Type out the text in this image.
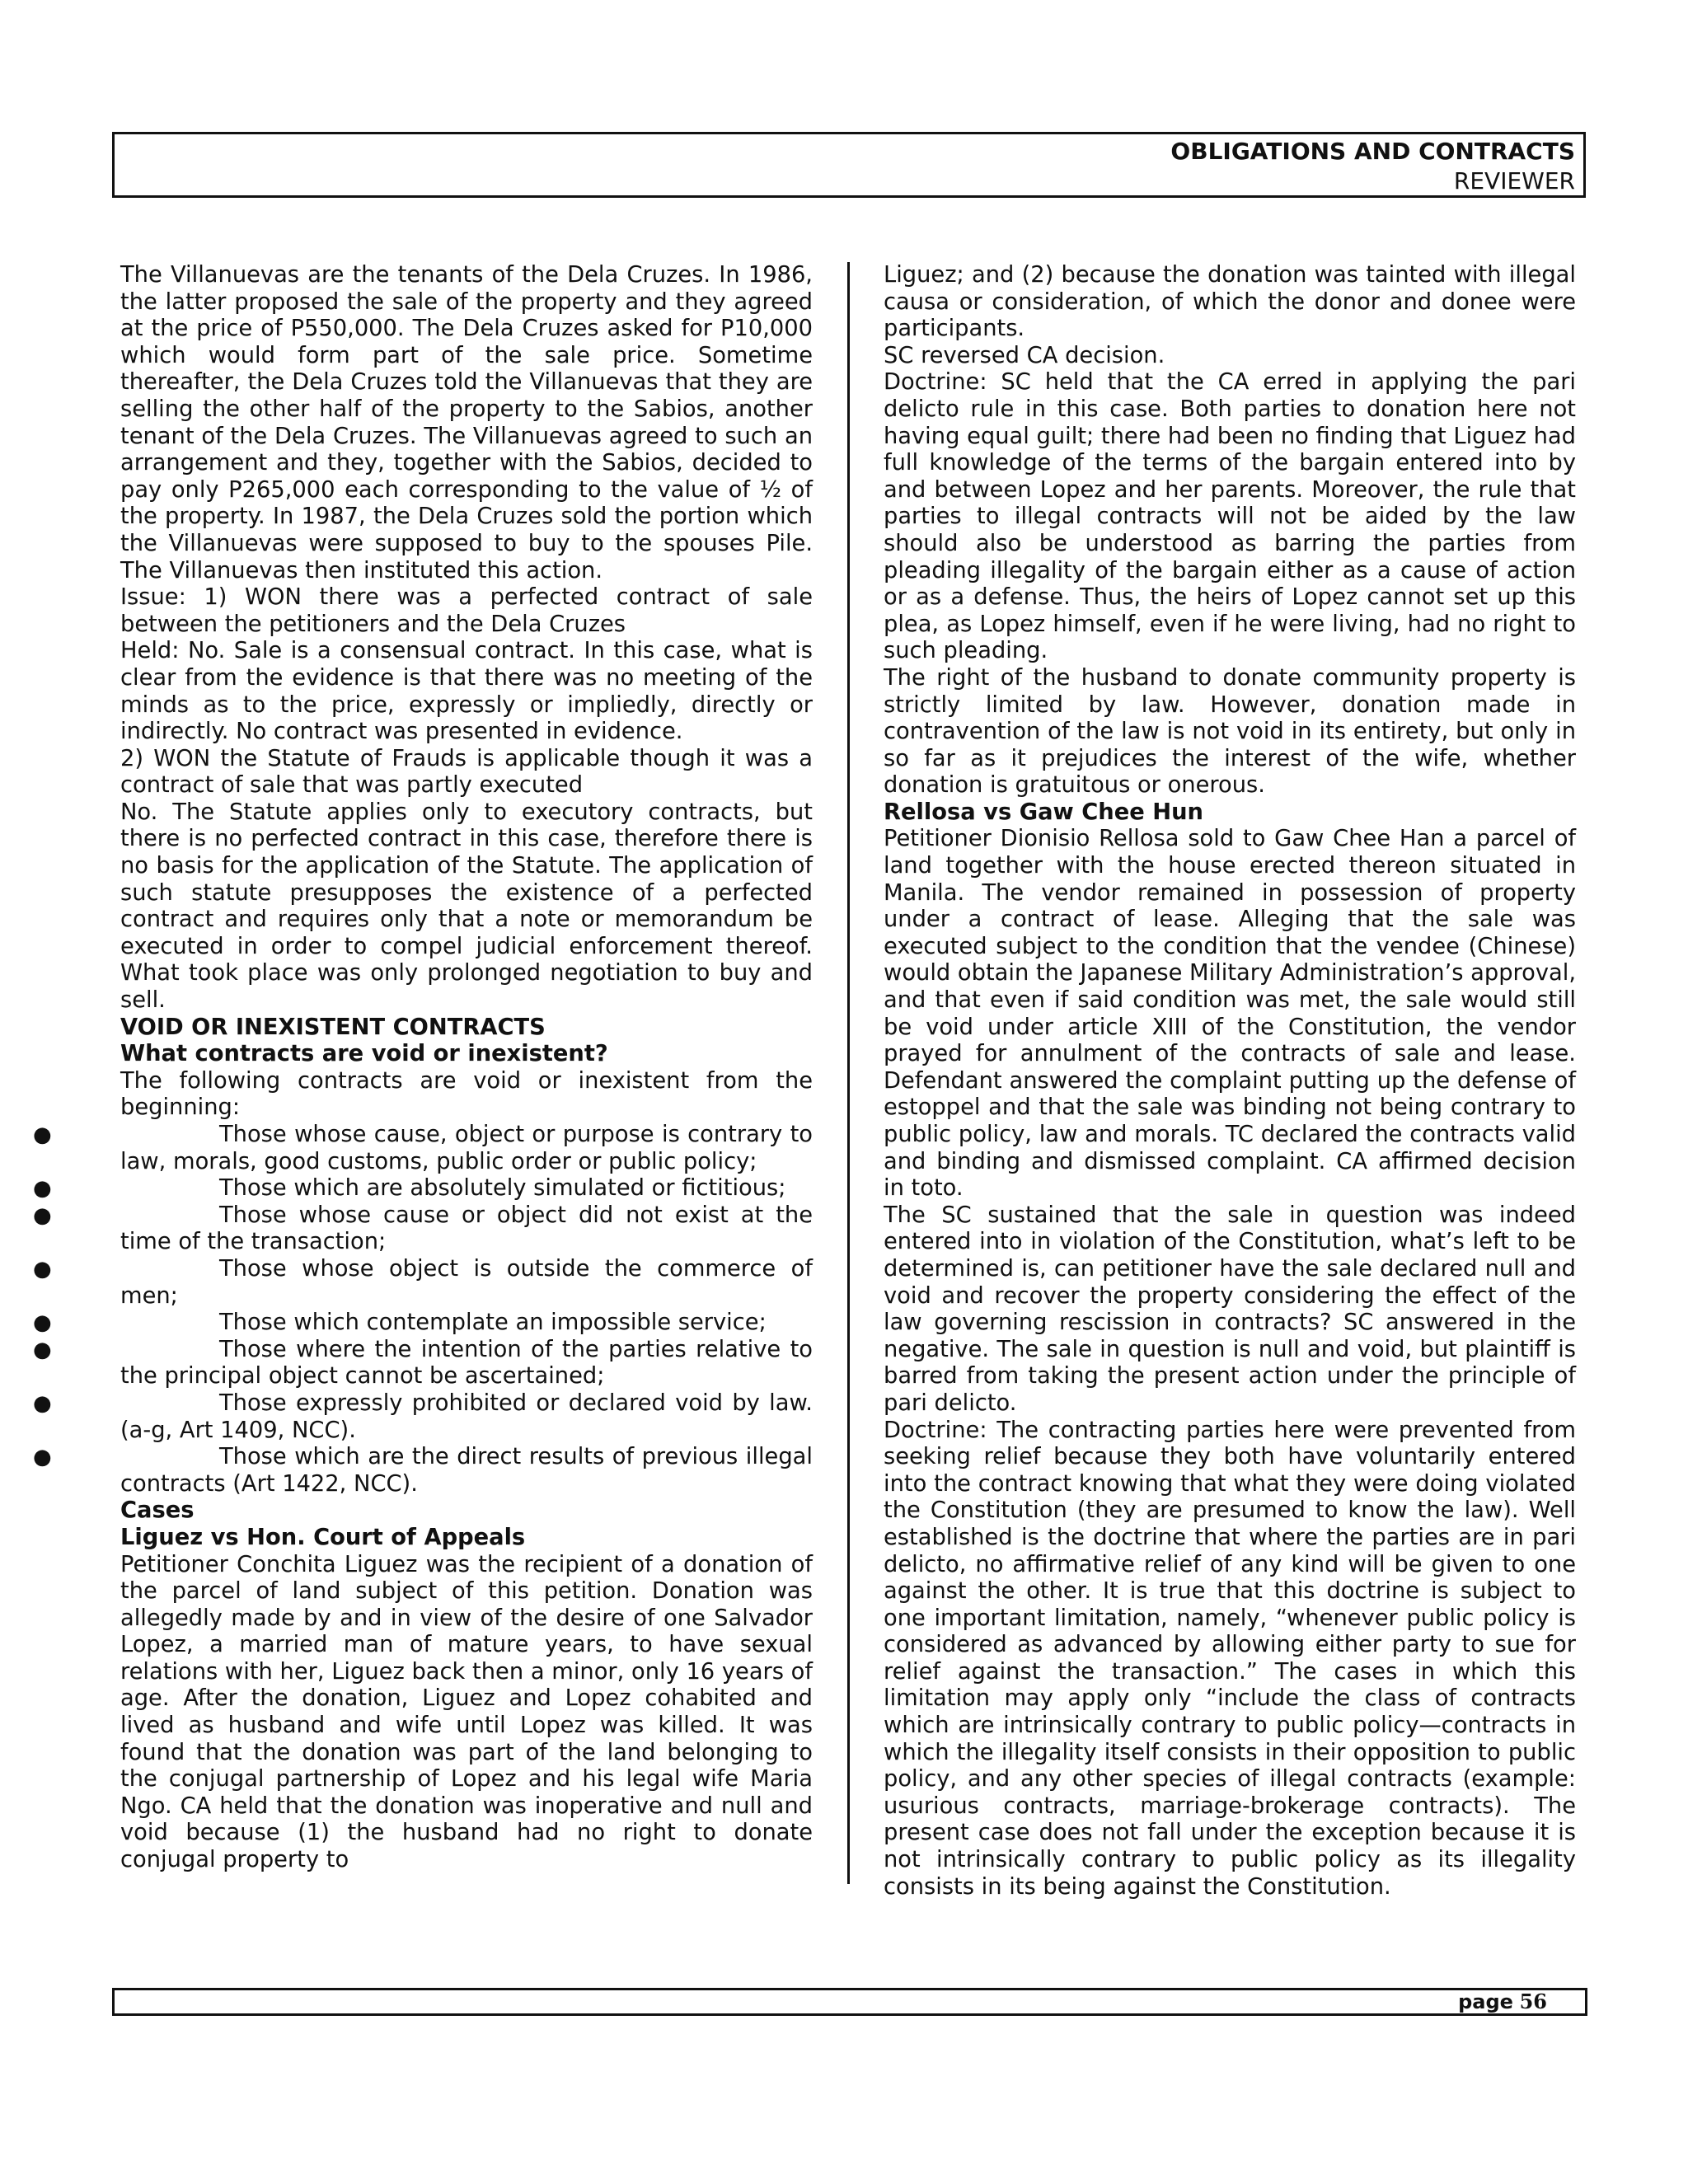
OBLIGATIONS AND CONTRACTS
REVIEWER

The Villanuevas are the tenants of the Dela Cruzes. In 1986, the latter proposed the sale of the property and they agreed at the price of P550,000. The Dela Cruzes asked for P10,000 which would form part of the sale price. Sometime thereafter, the Dela Cruzes told the Villanuevas that they are selling the other half of the property to the Sabios, another tenant of the Dela Cruzes. The Villanuevas agreed to such an arrangement and they, together with the Sabios, decided to pay only P265,000 each corresponding to the value of ½ of the property. In 1987, the Dela Cruzes sold the portion which the Villanuevas were supposed to buy to the spouses Pile. The Villanuevas then instituted this action.

Issue: 1) WON there was a perfected contract of sale between the petitioners and the Dela Cruzes

Held: No. Sale is a consensual contract. In this case, what is clear from the evidence is that there was no meeting of the minds as to the price, expressly or impliedly, directly or indirectly. No contract was presented in evidence.

2) WON the Statute of Frauds is applicable though it was a contract of sale that was partly executed

No. The Statute applies only to executory contracts, but there is no perfected contract in this case, therefore there is no basis for the application of the Statute. The application of such statute presupposes the existence of a perfected contract and requires only that a note or memorandum be executed in order to compel judicial enforcement thereof. What took place was only prolonged negotiation to buy and sell.

VOID OR INEXISTENT CONTRACTS

What contracts are void or inexistent?

The following contracts are void or inexistent from the beginning:

●	Those whose cause, object or purpose is contrary to law, morals, good customs, public order or public policy;
●	Those which are absolutely simulated or fictitious;
●	Those whose cause or object did not exist at the time of the transaction;
●	Those whose object is outside the commerce of men;
●	Those which contemplate an impossible service;
●	Those where the intention of the parties relative to the principal object cannot be ascertained;
●	Those expressly prohibited or declared void by law. (a-g, Art 1409, NCC).
●	Those which are the direct results of previous illegal contracts (Art 1422, NCC).

Cases

Liguez vs Hon. Court of Appeals

Petitioner Conchita Liguez was the recipient of a donation of the parcel of land subject of this petition. Donation was allegedly made by and in view of the desire of one Salvador Lopez, a married man of mature years, to have sexual relations with her, Liguez back then a minor, only 16 years of age. After the donation, Liguez and Lopez cohabited and lived as husband and wife until Lopez was killed. It was found that the donation was part of the land belonging to the conjugal partnership of Lopez and his legal wife Maria Ngo. CA held that the donation was inoperative and null and void because (1) the husband had no right to donate conjugal property to

Liguez; and (2) because the donation was tainted with illegal causa or consideration, of which the donor and donee were participants.

SC reversed CA decision.

Doctrine: SC held that the CA erred in applying the pari delicto rule in this case. Both parties to donation here not having equal guilt; there had been no finding that Liguez had full knowledge of the terms of the bargain entered into by and between Lopez and her parents. Moreover, the rule that parties to illegal contracts will not be aided by the law should also be understood as barring the parties from pleading illegality of the bargain either as a cause of action or as a defense. Thus, the heirs of Lopez cannot set up this plea, as Lopez himself, even if he were living, had no right to such pleading.

The right of the husband to donate community property is strictly limited by law. However, donation made in contravention of the law is not void in its entirety, but only in so far as it prejudices the interest of the wife, whether donation is gratuitous or onerous.

Rellosa vs Gaw Chee Hun

Petitioner Dionisio Rellosa sold to Gaw Chee Han a parcel of land together with the house erected thereon situated in Manila. The vendor remained in possession of property under a contract of lease. Alleging that the sale was executed subject to the condition that the vendee (Chinese) would obtain the Japanese Military Administration’s approval, and that even if said condition was met, the sale would still be void under article XIII of the Constitution, the vendor prayed for annulment of the contracts of sale and lease. Defendant answered the complaint putting up the defense of estoppel and that the sale was binding not being contrary to public policy, law and morals. TC declared the contracts valid and binding and dismissed complaint. CA affirmed decision in toto.

The SC sustained that the sale in question was indeed entered into in violation of the Constitution, what’s left to be determined is, can petitioner have the sale declared null and void and recover the property considering the effect of the law governing rescission in contracts? SC answered in the negative. The sale in question is null and void, but plaintiff is barred from taking the present action under the principle of pari delicto.

Doctrine: The contracting parties here were prevented from seeking relief because they both have voluntarily entered into the contract knowing that what they were doing violated the Constitution (they are presumed to know the law). Well established is the doctrine that where the parties are in pari delicto, no affirmative relief of any kind will be given to one against the other. It is true that this doctrine is subject to one important limitation, namely, “whenever public policy is considered as advanced by allowing either party to sue for relief against the transaction.” The cases in which this limitation may apply only “include the class of contracts which are intrinsically contrary to public policy—contracts in which the illegality itself consists in their opposition to public policy, and any other species of illegal contracts (example: usurious contracts, marriage-brokerage contracts). The present case does not fall under the exception because it is not intrinsically contrary to public policy as its illegality consists in its being against the Constitution.

page 56
